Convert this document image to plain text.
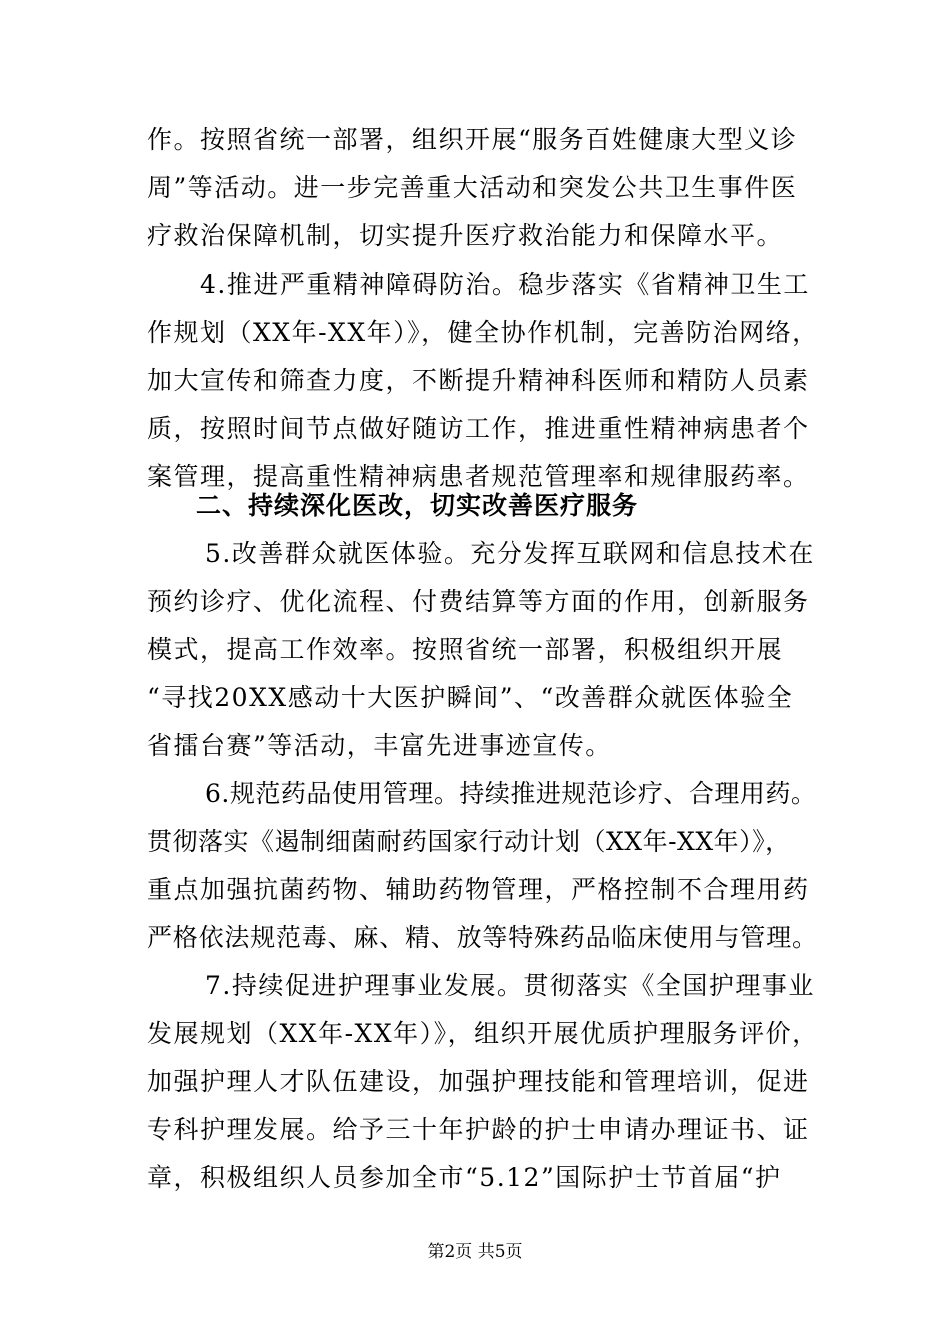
作。按照省统一部署，组织开展“服务百姓健康大型义诊
周”等活动。进一步完善重大活动和突发公共卫生事件医
疗救治保障机制，切实提升医疗救治能力和保障水平。
4.推进严重精神障碍防治。稳步落实《省精神卫生工
作规划（XX年-XX年）》，健全协作机制，完善防治网络，
加大宣传和筛查力度，不断提升精神科医师和精防人员素
质，按照时间节点做好随访工作，推进重性精神病患者个
案管理，提高重性精神病患者规范管理率和规律服药率。
二、持续深化医改，切实改善医疗服务
5.改善群众就医体验。充分发挥互联网和信息技术在
预约诊疗、优化流程、付费结算等方面的作用，创新服务
模式，提高工作效率。按照省统一部署，积极组织开展
“寻找20XX感动十大医护瞬间”、“改善群众就医体验全
省擂台赛”等活动，丰富先进事迹宣传。
6.规范药品使用管理。持续推进规范诊疗、合理用药。
贯彻落实《遏制细菌耐药国家行动计划（XX年-XX年）》，
重点加强抗菌药物、辅助药物管理，严格控制不合理用药
严格依法规范毒、麻、精、放等特殊药品临床使用与管理。
7.持续促进护理事业发展。贯彻落实《全国护理事业
发展规划（XX年-XX年）》，组织开展优质护理服务评价，
加强护理人才队伍建设，加强护理技能和管理培训，促进
专科护理发展。给予三十年护龄的护士申请办理证书、证
章，积极组织人员参加全市“5.12”国际护士节首届“护
第2页 共5页
